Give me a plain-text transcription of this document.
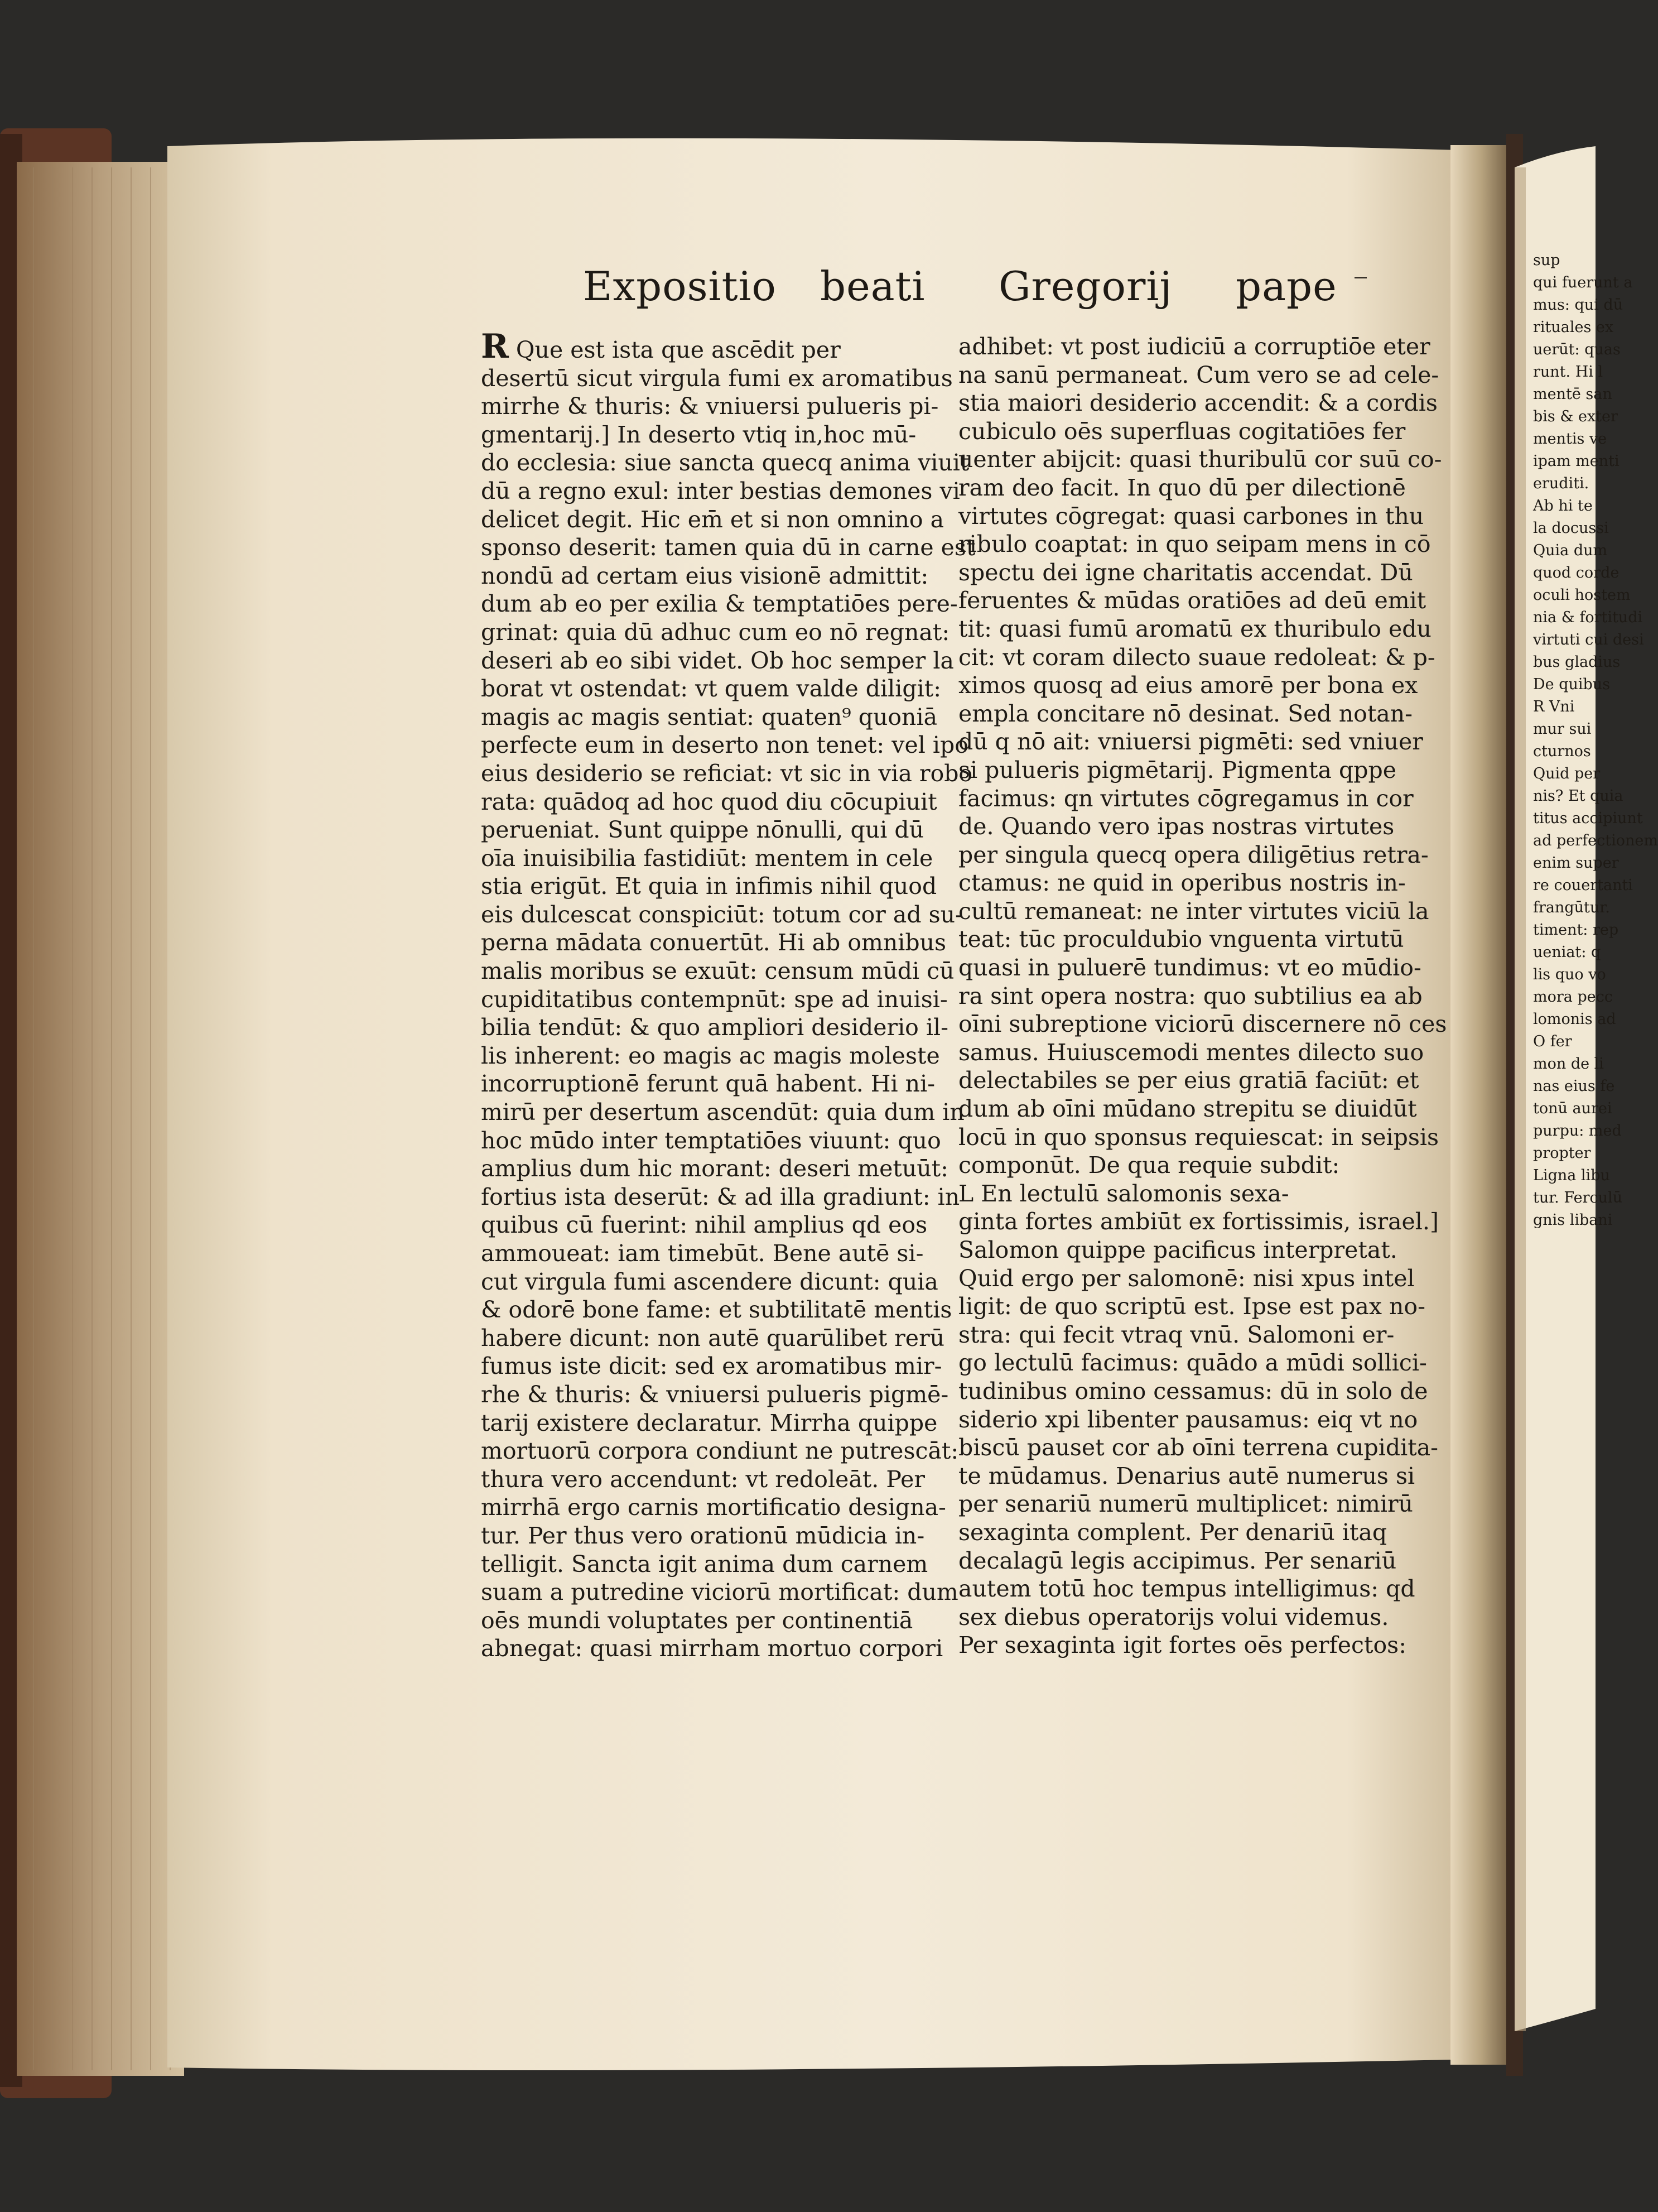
Expositio beati Gregorij pape

R Que est ista que ascēdit per

desertū sicut virgula fumi ex aromatibus

mirrhe & thuris: & vniuersi pulueris pi-

gmentarij.] In deserto vtiq in,hoc mū-

do ecclesia: siue sancta quecq anima viuit

dū a regno exul: inter bestias demones vi

delicet degit. Hic em̄ et si non omnino a

sponso deserit: tamen quia dū in carne est

nondū ad certam eius visionē admittit:

dum ab eo per exilia & temptatiōes pere-

grinat: quia dū adhuc cum eo nō regnat:

deseri ab eo sibi videt. Ob hoc semper la

borat vt ostendat: vt quem valde diligit:

magis ac magis sentiat: quaten⁹ quoniā

perfecte eum in deserto non tenet: vel ipo

eius desiderio se reficiat: vt sic in via robo

rata: quādoq ad hoc quod diu cōcupiuit

perueniat. Sunt quippe nōnulli, qui dū

oīa inuisibilia fastidiūt: mentem in cele

stia erigūt. Et quia in infimis nihil quod

eis dulcescat conspiciūt: totum cor ad su-

perna mādata conuertūt. Hi ab omnibus

malis moribus se exuūt: censum mūdi cū

cupiditatibus contempnūt: spe ad inuisi-

bilia tendūt: & quo ampliori desiderio il-

lis inherent: eo magis ac magis moleste

incorruptionē ferunt quā habent. Hi ni-

mirū per desertum ascendūt: quia dum in

hoc mūdo inter temptatiōes viuunt: quo

amplius dum hic morant: deseri metuūt:

fortius ista deserūt: & ad illa gradiunt: in

quibus cū fuerint: nihil amplius qd eos

ammoueat: iam timebūt. Bene autē si-

cut virgula fumi ascendere dicunt: quia

& odorē bone fame: et subtilitatē mentis

habere dicunt: non autē quarūlibet rerū

fumus iste dicit: sed ex aromatibus mir-

rhe & thuris: & vniuersi pulueris pigmē-

tarij existere declaratur. Mirrha quippe

mortuorū corpora condiunt ne putrescāt:

thura vero accendunt: vt redoleāt. Per

mirrhā ergo carnis mortificatio designa-

tur. Per thus vero orationū mūdicia in-

telligit. Sancta igit anima dum carnem

suam a putredine viciorū mortificat: dum

oēs mundi voluptates per continentiā

abnegat: quasi mirrham mortuo corpori

adhibet: vt post iudiciū a corruptiōe eter

na sanū permaneat. Cum vero se ad cele-

stia maiori desiderio accendit: & a cordis

cubiculo oēs superfluas cogitatiōes fer

uenter abijcit: quasi thuribulū cor suū co-

ram deo facit. In quo dū per dilectionē

virtutes cōgregat: quasi carbones in thu

ribulo coaptat: in quo seipam mens in cō

spectu dei igne charitatis accendat. Dū

feruentes & mūdas oratiōes ad deū emit

tit: quasi fumū aromatū ex thuribulo edu

cit: vt coram dilecto suaue redoleat: & p-

ximos quosq ad eius amorē per bona ex

empla concitare nō desinat. Sed notan-

dū q nō ait: vniuersi pigmēti: sed vniuer

si pulueris pigmētarij. Pigmenta qppe

facimus: qn virtutes cōgregamus in cor

de. Quando vero ipas nostras virtutes

per singula quecq opera diligētius retra-

ctamus: ne quid in operibus nostris in-

cultū remaneat: ne inter virtutes viciū la

teat: tūc proculdubio vnguenta virtutū

quasi in puluerē tundimus: vt eo mūdio-

ra sint opera nostra: quo subtilius ea ab

oīni subreptione viciorū discernere nō ces

samus. Huiuscemodi mentes dilecto suo

delectabiles se per eius gratiā faciūt: et

dum ab oīni mūdano strepitu se diuidūt

locū in quo sponsus requiescat: in seipsis

componūt. De qua requie subdit:

L En lectulū salomonis sexa-

ginta fortes ambiūt ex fortissimis, israel.]

Salomon quippe pacificus interpretat.

Quid ergo per salomonē: nisi xpus intel

ligit: de quo scriptū est. Ipse est pax no-

stra: qui fecit vtraq vnū. Salomoni er-

go lectulū facimus: quādo a mūdi sollici-

tudinibus omino cessamus: dū in solo de

siderio xpi libenter pausamus: eiq vt no

biscū pauset cor ab oīni terrena cupidita-

te mūdamus. Denarius autē numerus si

per senariū numerū multiplicet: nimirū

sexaginta complent. Per denariū itaq

decalagū legis accipimus. Per senariū

autem totū hoc tempus intelligimus: qd

sex diebus operatorijs volui videmus.

Per sexaginta igit fortes oēs perfectos:

sup

qui fuerunt a

mus: qui dū

rituales ex

uerūt: quas

runt. Hi l

mentē san

bis & exter

mentis ve

ipam menti

eruditi.

Ab hi te

la docussi

Quia dum

quod corde

oculi hostem

nia & fortitudi

virtuti cui desi

bus gladius

De quibus

R Vni

mur sui

cturnos

Quid per

nis? Et quia

titus accipiunt

ad perfectionem

enim super

re couertanti

frangūtur.

timent: rep

ueniat: q

lis quo vo

mora pecc

lomonis ad

O fer

mon de li

nas eius fe

tonū aurei

purpu: med

propter

Ligna libu

tur. Ferculū

gnis libani
